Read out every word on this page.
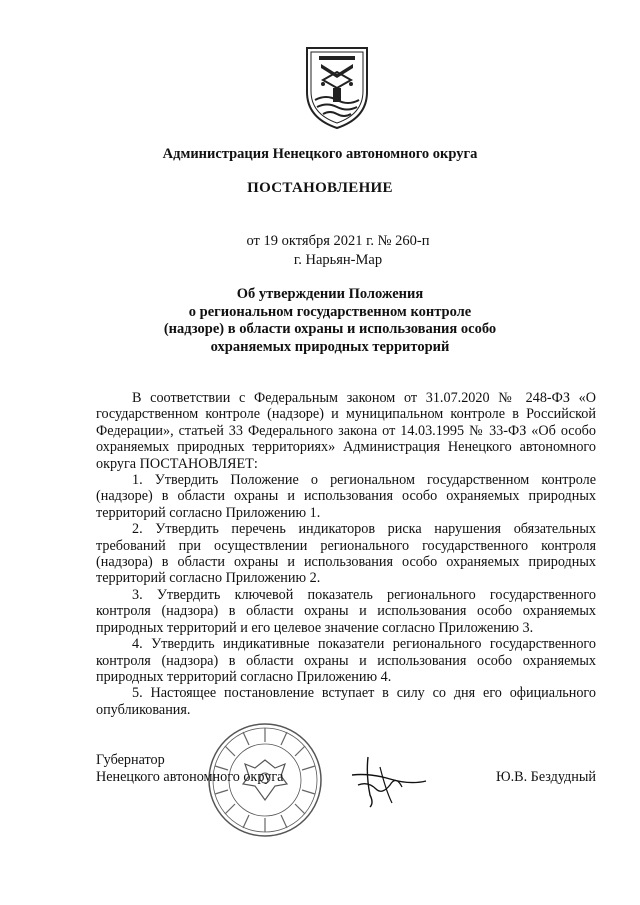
Администрация Ненецкого автономного округа
ПОСТАНОВЛЕНИЕ
от 19 октября 2021 г. № 260-п
г. Нарьян-Мар
Об утверждении Положения
о региональном государственном контроле
(надзоре) в области охраны и использования особо
охраняемых природных территорий

В соответствии с Федеральным законом от 31.07.2020 № 248-ФЗ «О государственном контроле (надзоре) и муниципальном контроле в Российской Федерации», статьей 33 Федерального закона от 14.03.1995 № 33-ФЗ «Об особо охраняемых природных территориях» Администрация Ненецкого автономного округа ПОСТАНОВЛЯЕТ:

1. Утвердить Положение о региональном государственном контроле (надзоре) в области охраны и использования особо охраняемых природных территорий согласно Приложению 1.

2. Утвердить перечень индикаторов риска нарушения обязательных требований при осуществлении регионального государственного контроля (надзора) в области охраны и использования особо охраняемых природных территорий согласно Приложению 2.

3. Утвердить ключевой показатель регионального государственного контроля (надзора) в области охраны и использования особо охраняемых природных территорий и его целевое значение согласно Приложению 3.

4. Утвердить индикативные показатели регионального государственного контроля (надзора) в области охраны и использования особо охраняемых природных территорий согласно Приложению 4.

5. Настоящее постановление вступает в силу со дня его официального опубликования.

Губернатор
Ненецкого автономного округа	Ю.В. Бездудный
